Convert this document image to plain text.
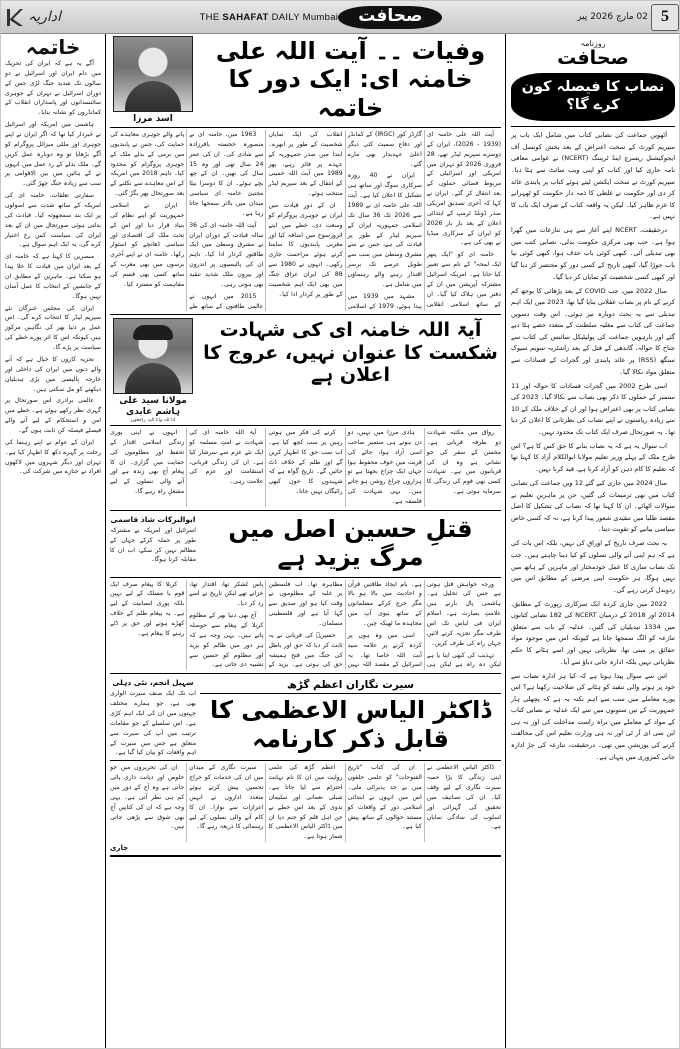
5
02 مارچ 2026 پیر
صحافت
THE SAHAFAT DAILY Mumbai
اداریہ
روزنامہ
صحافت
نصاب کا فیصلہ کون کرے گا؟

آٹھویں جماعت کی نصابی کتاب میں شامل ایک باب پر سپریم کورٹ کے سخت اعتراض کے بعد بخش کونسل آف ایجوکیشنل ریسرچ اینڈ ٹریننگ (NCERT) نے عوامی معافی نامہ جاری کیا اور کتاب کو اپنی ویب سائٹ سے ہٹا دیا۔ سپریم کورٹ نے سخت ایکشن لیتے ہوئے کتاب پر پابندی عائد کر دی اور حکومت نے غلطی کا ذمہ دار حکومت کو ٹھہرانے کا عزم ظاہر کیا۔ لیکن یہ واقعہ کتاب کے صرف ایک باب کا نہیں ہے۔

درحقیقت، NCERT اپنے آغاز سے ہی تنازعات میں گھرا ہوا ہے۔ جب بھی مرکزی حکومت بدلی، نصابی کتب میں بھی تبدیلی آئی۔ کبھی کوئی باب حذف ہوا، کبھی کوئی نیا باب جوڑا گیا، کبھی تاریخ کے کسی دور کو مختصر کر دیا گیا اور کبھی کسی شخصیت کو نمایاں کر دیا گیا۔

سال 2022 میں، جب COVID کے بعد پڑھائی کا بوجھ کم کرنے کے نام پر نصاب عقلانی بنایا گیا تھا، 2023 میں ایک اہم تبدیلی سے یہ بحث دوبارہ تیز ہوئی۔ اس وقت دسویں جماعت کی کتاب سے مغلیہ سلطنت کے متعدد حصے ہٹا دیے گئے اور بارہویں جماعت کی پولیٹیکل سائنس کی کتاب سے جناح کا حوالہ، گاندھی کے قتل کے بعد راشٹریہ سویم سیوک سنگھ (RSS) پر عائد پابندی اور گجرات کے فسادات سے متعلق مواد نکالا گیا۔

اسی طرح 2002 میں گجرات فسادات کا حوالہ اور 11 ستمبر کے حملوں کا ذکر بھی نصاب سے نکالا گیا۔ 2023 کی نصابی کتاب پر بھی اعتراض ہوا اور ان کے خلاف ملک کے 10 سے زیادہ ریاستوں نے اپنے نصاب کی نظرثانی کا اعلان کر دیا تھا۔ یہ صورتحال صرف ایک کتاب تک محدود نہیں۔

اب سوال یہ ہے کہ یہ نصاب بنانے کا حق کس کا ہے؟ اس طرح ملک کے پہلے وزیر تعلیم مولانا ابوالکلام آزاد کا کہنا تھا کہ تعلیم کا کام ذہن کو آزاد کرنا ہے، قید کرنا نہیں۔

سال 2024 میں جاری کیے گئے 12 ویں جماعت کی نصابی کتاب میں بھی ترمیمات کی گئیں، جن پر ماہرینِ تعلیم نے سوالات اٹھائے۔ ان کا کہنا تھا کہ نصاب کی تشکیل کا اصل مقصد طلبا میں تنقیدی شعور پیدا کرنا ہے، نہ کہ کسی خاص سیاسی بیانیے کو تقویت دینا۔

یہ بحث صرف تاریخ کے اوراق کی نہیں، بلکہ اس بات کی ہے کہ ہم اپنی آنے والی نسلوں کو کیا دینا چاہتے ہیں۔ جب تک نصاب سازی کا عمل خودمختار اور ماہرین کے ہاتھ میں نہیں ہوگا، ہر حکومت اپنی مرضی کے مطابق اس میں ردوبدل کرتی رہے گی۔

2022 میں جاری کردہ ایک سرکاری رپورٹ کے مطابق، 2014 اور 2018 کے درمیان NCERT کی 182 نصابی کتابوں میں 1334 تبدیلیاں کی گئیں۔ عدلیہ کے باب سے متعلق تنازعہ کو الگ سمجھا جاتا ہے کیونکہ اس میں موجود مواد حقائق پر مبنی تھا، نظریاتی نہیں اور اسے ہٹانے کا حکم نظریاتی نہیں بلکہ ادارہ جاتی دباؤ سے آیا۔

اس سے سوال پیدا ہوتا ہے کہ کیا ہر ادارہ نصاب سے خود پر ہونے والی تنقید کو ہٹانے کی صلاحیت رکھتا ہے؟ اس پورے معاملے میں سب سے اہم نکتہ یہ ہے کہ پچھلی ہار جمہوریت کے تین ستونوں میں سے ایک عدلیہ نے نصابی کتاب کے مواد کے معاملے میں براہ راست مداخلت کی اور نہ ہی این سی ای آر ٹی اور نہ ہی وزارت تعلیم اس کی مخالفت کرنے کی پوزیشن میں تھی۔ درحقیقت، تنازعہ کی جڑ ادارہ جاتی کمزوری میں پنہاں ہے۔

وفیات ۔۔ آیت اللہ علی خامنہ ای: ایک دور کا خاتمہ
اسد مرزا

آیت اللہ علی خامنہ ای (1939 - 2026)، ایران کے دوسرے سپریم لیڈر تھے، 28 فروری 2026 کو تہران میں امریکی اور اسرائیلی کے مربوط فضائی حملوں کے بعد انتقال کر گئے۔ ایران نے کہا کہ آخری تصدیق امریکی صدر ڈونلڈ ٹرمپ کے ابتدائی اعلان کے بعد بار بار 2026 کو ایران کے سرکاری میڈیا نے بھی کی ہے۔

خامنہ ای کو "ایک پتھر ایک لمحہ" کے نام سے تعبیر کیا جاتا ہے۔ امریکہ اسرائیل مشترکہ آپریشن میں ان کے دفتر میں ہلاک کیا گیا۔ ان کے ساتھ اسلامی انقلابی گارڈز کور (IRGC) کے کمانڈر اور دفاع سمیت کئی دیگر اعلیٰ عہدیدار بھی مارے گئے۔

ایران نے 40 روزہ سرکاری سوگ اور ساتھ ہی تشکیل کا اعلان کیا ہے۔ آیت اللہ علی خامنہ ای نے 1989 سے 2026 تک 36 سال تک اسلامی جمہوریہ ایران کے سپریم لیڈر کے طور پر قیادت کی ہے، جس نے سے مشرق وسطیٰ میں سب سے طویل عرصے تک برسر اقتدار رہنے والے رہنماؤں میں شامل ہے۔

مشہد میں 1939 میں پیدا ہوئے، 1979 کے اسلامی انقلاب کی ایک نمایاں شخصیت کے طور پر ابھرے۔ ابتدا میں صدر جمہوریہ کے عہدے پر فائز رہے، پھر 1989 میں آیت اللہ خمینی کے انتقال کے بعد سپریم لیڈر منتخب ہوئے۔

ان کے دورِ قیادت میں ایران نے جوہری پروگرام کو وسعت دی، خطے میں اپنے اثرورسوخ میں اضافہ کیا اور مغربی پابندیوں کا سامنا کرتے ہوئے مزاحمت جاری رکھی۔ انہوں نے 1980 سے 88 کی ایران عراق جنگ میں بھی ایک اہم شخصیت کے طور پر کردار ادا کیا۔

1963 میں، خامنہ ای نے منصورہ خجستہ باقرزادہ سے شادی کی۔ ان کی عمر 24 سال تھی اور وہ 15 سال کی تھیں۔ ان کے چھ بچے ہوئے۔ ان کا دوسرا بیٹا مجتبیٰ خامنہ ای سیاسی میدان میں بااثر سمجھا جاتا رہا ہے۔

آیت اللہ خامنہ ای کی 36 سالہ قیادت کے دوران ایران نے مشرق وسطیٰ میں ایک طاقتور کردار ادا کیا۔ تاہم ان کی پالیسیوں پر اندرون اور بیرون ملک شدید تنقید بھی ہوتی رہی۔

2015 میں انہوں نے عالمی طاقتوں کے ساتھ طے پانے والے جوہری معاہدے کی حمایت کی، جس نے پابندیوں میں نرمی کے بدلے ملک کے جوہری پروگرام کو محدود کیا۔ تاہم 2018 میں امریکہ کے اس معاہدے سے نکلنے کے بعد صورتحال پھر بگڑ گئی۔

ایران نے اسلامی جمہوریت کو اپنے نظام کی بنیاد قرار دیا اور اس کے تحت ملک کی اقتصادی اور سیاسی ڈھانچے کو استوار رکھا۔ خامنہ ای نے اپنے آخری برسوں میں بھی مغرب کے ساتھ کسی بھی قسم کی مفاہمت کو مسترد کیا۔

آیۃ اللہ خامنہ ای کی شہادت شکست کا عنوان نہیں، عروج کا اعلان ہے
مولانا سید علی ہاشم عابدی
انا للہ وانا الیہ راجعون

رواق میں مکتبہ شہادت دو طرفہ قربانی ہے۔ محسن کے سفر کی جو نشانی ہے وہ ان کی قربانیوں میں ہے۔ شہادت کسی بھی قوم کی زندگی کا سرمایہ ہوتی ہے۔

ہادی مرزا میں نہیں، دو دن ہوتے ہی ستمبر صاحب اسی آزاد ہوا، جائے کی قربت میں خوف محفوظ ہوا جہاں ایک چراغ بجھتا ہے تو ہزاروں چراغ روشن ہو جاتے ہیں۔ یہی شہادت کی فلسفہ ہے۔

کرنے کی فکر میں ہوتی رہیں پر سب کچھ کیا ہے۔ اب سب حق کا اظہار کریں گے اور ظلم کے خلاف ڈٹ جائیں گے۔ تاریخ گواہ ہے کہ شہیدوں کا خون کبھی رائیگاں نہیں جاتا۔

آیۃ اللہ خامنہ ای کی شہادت نے امتِ مسلمہ کو ایک نئے عزم سے سرشار کیا ہے۔ ان کی زندگی قربانی، استقامت اور عزم کی علامت رہی۔

انہوں نے اپنی پوری زندگی اسلامی اقدار کے تحفظ اور مظلوموں کی حمایت میں گزاری۔ ان کا پیغام آج بھی زندہ ہے اور آنے والی نسلوں کے لیے مشعلِ راہ رہے گا۔

قتلِ حسین اصل میں مرگ یزید ہے
ابوالبرکات شاذ قاسمی
اسرائیل اور امریکہ نے مشترکہ طور پر حملہ کرکے جہاں کے مظالم نہیں کر سکے، اب ان کا مقابلہ کرنا ہوگا۔

ورجہ خواہش قتل ہوتی ہے جس کی تحلیل ہے۔ ہاشمی پال بارنے ہیں علامتِ بصارت ہے۔ اسلام ایران فی لباس تک اس طرف مگر تجزیہ کرتے لائیں جہاں راہ کی طرف کریں۔

تہذیب کی کبھی اپنا یا ہے لیکن دہ راہ ہے لیکن ہی ہے۔ بام ایجاد طاقتیں قرآن و احادیث میں بالا ہو بالا مگر خرچ کرکے مسلمانوں کے ساتھ نبوی آپ میں مجاہدہ ما ٹھیکہ چین۔

اسی میں وہ ہوں پر کردہ کرنے پر علامہ سید آیت اللہ خاصا تھا۔ یہ اسرائیل کے مقصد اللہ نہیں مظاہرہ تھا۔ اب فلسطین پر غلبہ کے مظلوموں نے وقت کیا ہو اور صدیق سے کہا آیا ہے اور فلسطینی مسلمان۔

حسینؑ کی قربانی نے یہ ثابت کر دیا کہ حق اور باطل کی جنگ میں فتح ہمیشہ حق کی ہوتی ہے۔ یزید کے پاس لشکر تھا، اقتدار تھا، خزانے تھے لیکن تاریخ نے اسے رد کر دیا۔

آج بھی دنیا بھر کے مظلوم کربلا کے پیغام سے حوصلہ پاتے ہیں۔ یہی وجہ ہے کہ ہر دور میں ظالم کو یزید اور مظلوم کو حسین سے تشبیہ دی جاتی ہے۔

کربلا کا پیغام صرف ایک قوم یا مسلک کے لیے نہیں بلکہ پوری انسانیت کے لیے ہے۔ یہ پیغام ظلم کے خلاف کھڑے ہونے اور حق پر ڈٹے رہنے کا پیغام ہے۔

سیرت نگاران اعظم گڑھ
ڈاکٹر الیاس الاعظمی کا قابل ذکر کارنامہ
سہیل انجم، نئی دہلی
اب تک ایک صنف سیرت الواری بھی ہے، جو ہمارے مختلف جہتوں میں ان کی ایک اہم کڑی ہے۔ اس سلسلے کے جو مقامات ترتیب میں آپ کی سیرت سے متعلق ہے جس میں سیرت کے اہم واقعات کو بیان کیا گیا ہے۔

ڈاکٹر الیاس الاعظمی نے اپنی زندگی کا بڑا حصہ سیرت نگاری کے لیے وقف کیا۔ ان کی تصانیف میں تحقیق کی گہرائی اور اسلوب کی سادگی نمایاں ہے۔

ان کی کتاب "تاریخ الفتوحات" کو علمی حلقوں میں بے حد پذیرائی ملی۔ اس میں انہوں نے ابتدائی اسلامی دور کے واقعات کو مستند حوالوں کے ساتھ پیش کیا ہے۔

اعظم گڑھ کی علمی روایت میں ان کا نام نہایت احترام سے لیا جاتا ہے۔ شبلی نعمانی اور سلیمان ندوی کے بعد اس خطے نے جن اہل قلم کو جنم دیا ان میں ڈاکٹر الیاس الاعظمی کا شمار ہوتا ہے۔

سیرت نگاری کے میدان میں ان کی خدمات کو خراج تحسین پیش کرتے ہوئے متعدد اداروں نے انہیں اعزازات سے نوازا۔ ان کا کام آنے والی نسلوں کے لیے رہنمائی کا ذریعہ رہے گا۔

ان کی تحریروں میں جو خلوص اور دیانت داری پائی جاتی ہے وہ آج کے دور میں کم ہی نظر آتی ہے۔ یہی وجہ ہے کہ ان کی کتابیں آج بھی شوق سے پڑھی جاتی ہیں۔

جاری
خاتمہ

آگے یہ ہے کہ ایران کی تحریک میں دام ایران اور اسرائیل نے دو سالوں تک شدید جنگ لڑی جس کے دوران اسرائیل نے تہران کے جوہری سائنسدانوں اور پاسداران انقلاب کے کمانڈروں کو نشانہ بنایا۔

ہاشمی میں امریکہ اور اسرائیل نے خبردار کیا تھا کہ اگر ایران نے اپنے جوہری اور ملٹی میزائل پروگرام کو آگے بڑھایا تو وہ دوبارہ عمل کریں گے۔ ملک بدلے کے رد عمل میں انہوں نے کے ہائیں میں بین الاقوامی پر سب سے زیادہ جنگ چھڑ گئی۔

سفارتی تعلقات، خامنہ ای کی امریکہ کے ساتھ شدت سے اصولوں پر ایک بند سمجھوتہ کیا۔ قیادت کی بدلتی ہوئی صورتحال میں ان کے بعد ایران کی سیاست کس رخ اختیار کرے گی، یہ ایک اہم سوال ہے۔

مبصرین کا کہنا ہے کہ خامنہ ای کے بعد ایران میں قیادت کا خلا پیدا ہو سکتا ہے۔ ماہرین کے مطابق ان کے جانشین کے انتخاب کا عمل آسان نہیں ہوگا۔

ایران کی مجلس خبرگان نئے سپریم لیڈر کا انتخاب کرے گی۔ اس عمل پر دنیا بھر کی نگاہیں مرکوز ہیں کیونکہ اس کا اثر پورے خطے کی سیاست پر پڑے گا۔

تجزیہ کاروں کا خیال ہے کہ آنے والے دنوں میں ایران کی داخلی اور خارجہ پالیسی میں بڑی تبدیلیاں دیکھنے کو مل سکتی ہیں۔

عالمی برادری اس صورتحال پر گہری نظر رکھے ہوئے ہے۔ خطے میں امن و استحکام کے لیے آنے والے فیصلے فیصلہ کن ثابت ہوں گے۔

ایران کے عوام نے اپنے رہنما کی رحلت پر گہرے دکھ کا اظہار کیا ہے۔ تہران اور دیگر شہروں میں لاکھوں افراد نے جنازے میں شرکت کی۔
